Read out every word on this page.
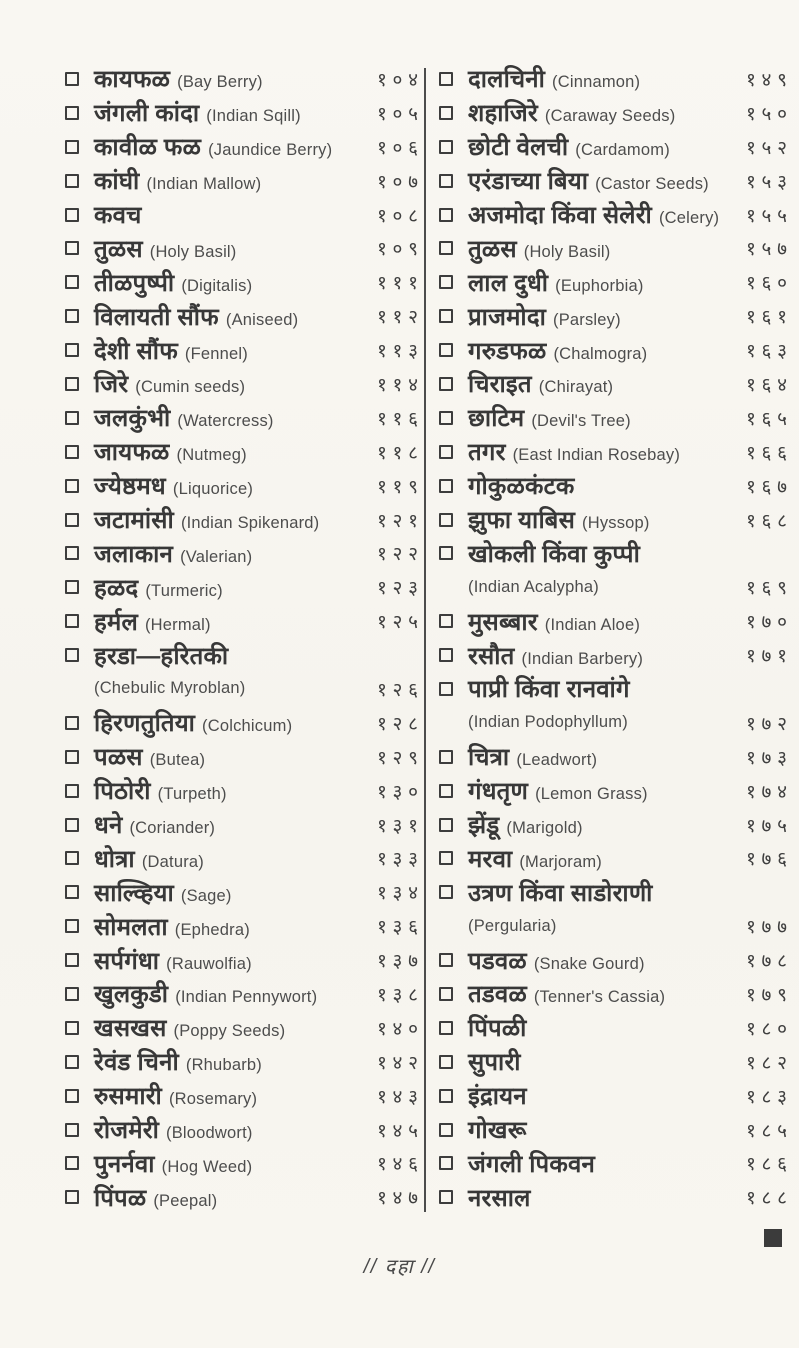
कायफळ (Bay Berry)	१०४
जंगली कांदा (Indian Sqill)	१०५
कावीळ फळ (Jaundice Berry) १०६
कांघी (Indian Mallow)	१०७
कवच	१०८
तुळस (Holy Basil)	१०९
तीळपुष्पी (Digitalis)	१११
विलायती सौंफ (Aniseed)	११२
देशी सौंफ (Fennel)	११३
जिरे (Cumin seeds)	११४
जलकुंभी (Watercress)	११६
जायफळ (Nutmeg)	११८
ज्येष्ठमध (Liquorice)	११९
जटामांसी (Indian Spikenard)	१२१
जलाकान (Valerian)	१२२
हळद (Turmeric)	१२३
हर्मल (Hermal)	१२५
हरडा—हरितकी
(Chebulic Myroblan)	१२६
हिरणतुतिया (Colchicum)	१२८
पळस (Butea)	१२९
पिठोरी (Turpeth)	१३०
धने (Coriander)	१३१
धोत्रा (Datura)	१३३
साल्व्हिया (Sage)	१३४
सोमलता (Ephedra)	१३६
सर्पगंधा (Rauwolfia)	१३७
खुलकुडी (Indian Pennywort)	१३८
खसखस (Poppy Seeds)	१४०
रेवंड चिनी (Rhubarb)	१४२
रुसमारी (Rosemary)	१४३
रोजमेरी (Bloodwort)	१४५
पुनर्नवा (Hog Weed)	१४६
पिंपळ (Peepal)	१४७
दालचिनी (Cinnamon)	१४९
शहाजिरे (Caraway Seeds)	१५०
छोटी वेलची (Cardamom)	१५२
एरंडाच्या बिया (Castor Seeds) १५३
अजमोदा किंवा सेलेरी (Celery) १५५
तुळस (Holy Basil)	१५७
लाल दुधी (Euphorbia)	१६०
प्राजमोदा (Parsley)	१६१
गरुडफळ (Chalmogra)	१६३
चिराइत (Chirayat)	१६४
छाटिम (Devil's Tree)	१६५
तगर (East Indian Rosebay)	१६६
गोकुळकंटक	१६७
झुफा याबिस (Hyssop)	१६८
खोकली किंवा कुप्पी
(Indian Acalypha)	१६९
मुसब्बार (Indian Aloe)	१७०
रसौत (Indian Barbery)	१७१
पाप्री किंवा रानवांगे
(Indian Podophyllum)	१७२
चित्रा (Leadwort)	१७३
गंधतृण (Lemon Grass)	१७४
झेंडू (Marigold)	१७५
मरवा (Marjoram)	१७६
उत्रण किंवा साडोराणी
(Pergularia)	१७७
पडवळ (Snake Gourd)	१७८
तडवळ (Tenner's Cassia)	१७९
पिंपळी	१८०
सुपारी	१८२
इंद्रायन	१८३
गोखरू	१८५
जंगली पिकवन	१८६
नरसाल	१८८
// दहा //
